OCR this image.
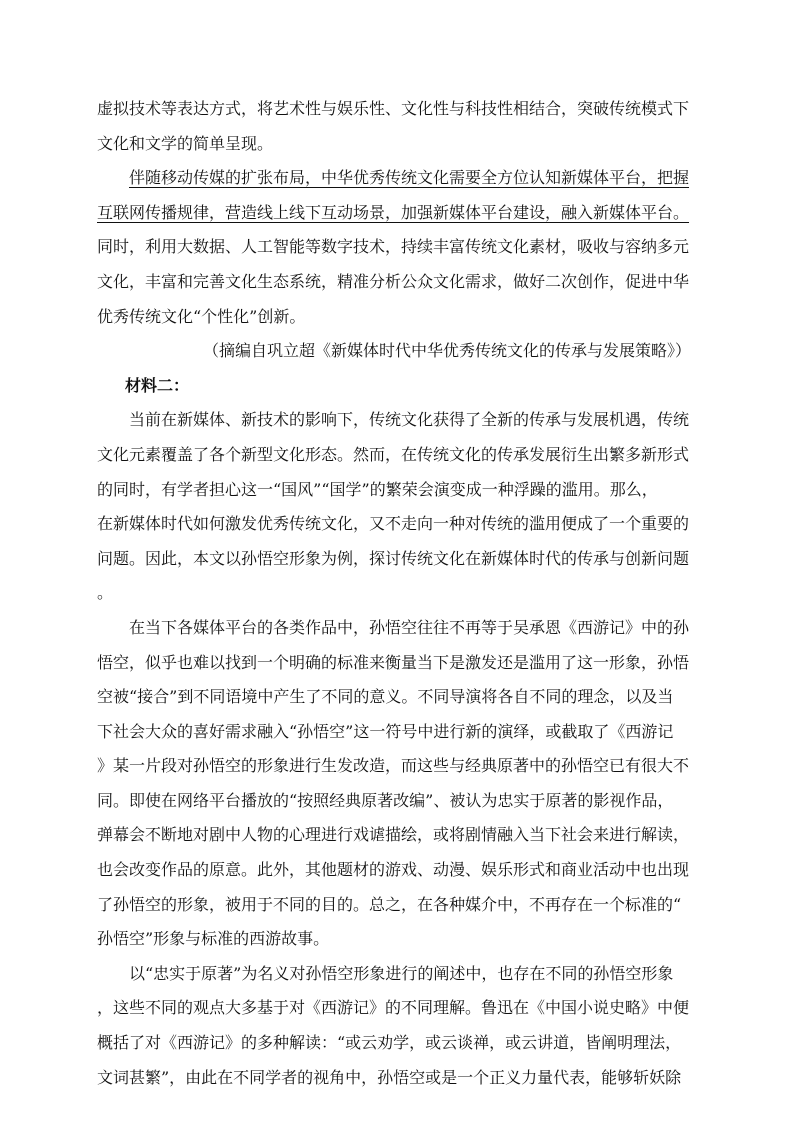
虚拟技术等表达方式，将艺术性与娱乐性、文化性与科技性相结合，突破传统模式下
文化和文学的简单呈现。
伴随移动传媒的扩张布局，中华优秀传统文化需要全方位认知新媒体平台，把握
互联网传播规律，营造线上线下互动场景，加强新媒体平台建设，融入新媒体平台。
同时，利用大数据、人工智能等数字技术，持续丰富传统文化素材，吸收与容纳多元
文化，丰富和完善文化生态系统，精准分析公众文化需求，做好二次创作，促进中华
优秀传统文化“个性化”创新。
（摘编自巩立超《新媒体时代中华优秀传统文化的传承与发展策略》）
材料二：
当前在新媒体、新技术的影响下，传统文化获得了全新的传承与发展机遇，传统
文化元素覆盖了各个新型文化形态。然而，在传统文化的传承发展衍生出繁多新形式
的同时，有学者担心这一“国风”“国学”的繁荣会演变成一种浮躁的滥用。那么，
在新媒体时代如何激发优秀传统文化，又不走向一种对传统的滥用便成了一个重要的
问题。因此，本文以孙悟空形象为例，探讨传统文化在新媒体时代的传承与创新问题
。
在当下各媒体平台的各类作品中，孙悟空往往不再等于吴承恩《西游记》中的孙
悟空，似乎也难以找到一个明确的标准来衡量当下是激发还是滥用了这一形象，孙悟
空被“接合”到不同语境中产生了不同的意义。不同导演将各自不同的理念，以及当
下社会大众的喜好需求融入“孙悟空”这一符号中进行新的演绎，或截取了《西游记
》某一片段对孙悟空的形象进行生发改造，而这些与经典原著中的孙悟空已有很大不
同。即使在网络平台播放的“按照经典原著改编”、被认为忠实于原著的影视作品，
弹幕会不断地对剧中人物的心理进行戏谑描绘，或将剧情融入当下社会来进行解读，
也会改变作品的原意。此外，其他题材的游戏、动漫、娱乐形式和商业活动中也出现
了孙悟空的形象，被用于不同的目的。总之，在各种媒介中，不再存在一个标准的“
孙悟空”形象与标准的西游故事。
以“忠实于原著”为名义对孙悟空形象进行的阐述中，也存在不同的孙悟空形象
，这些不同的观点大多基于对《西游记》的不同理解。鲁迅在《中国小说史略》中便
概括了对《西游记》的多种解读：“或云劝学，或云谈禅，或云讲道，皆阐明理法，
文词甚繁”，由此在不同学者的视角中，孙悟空或是一个正义力量代表，能够斩妖除
